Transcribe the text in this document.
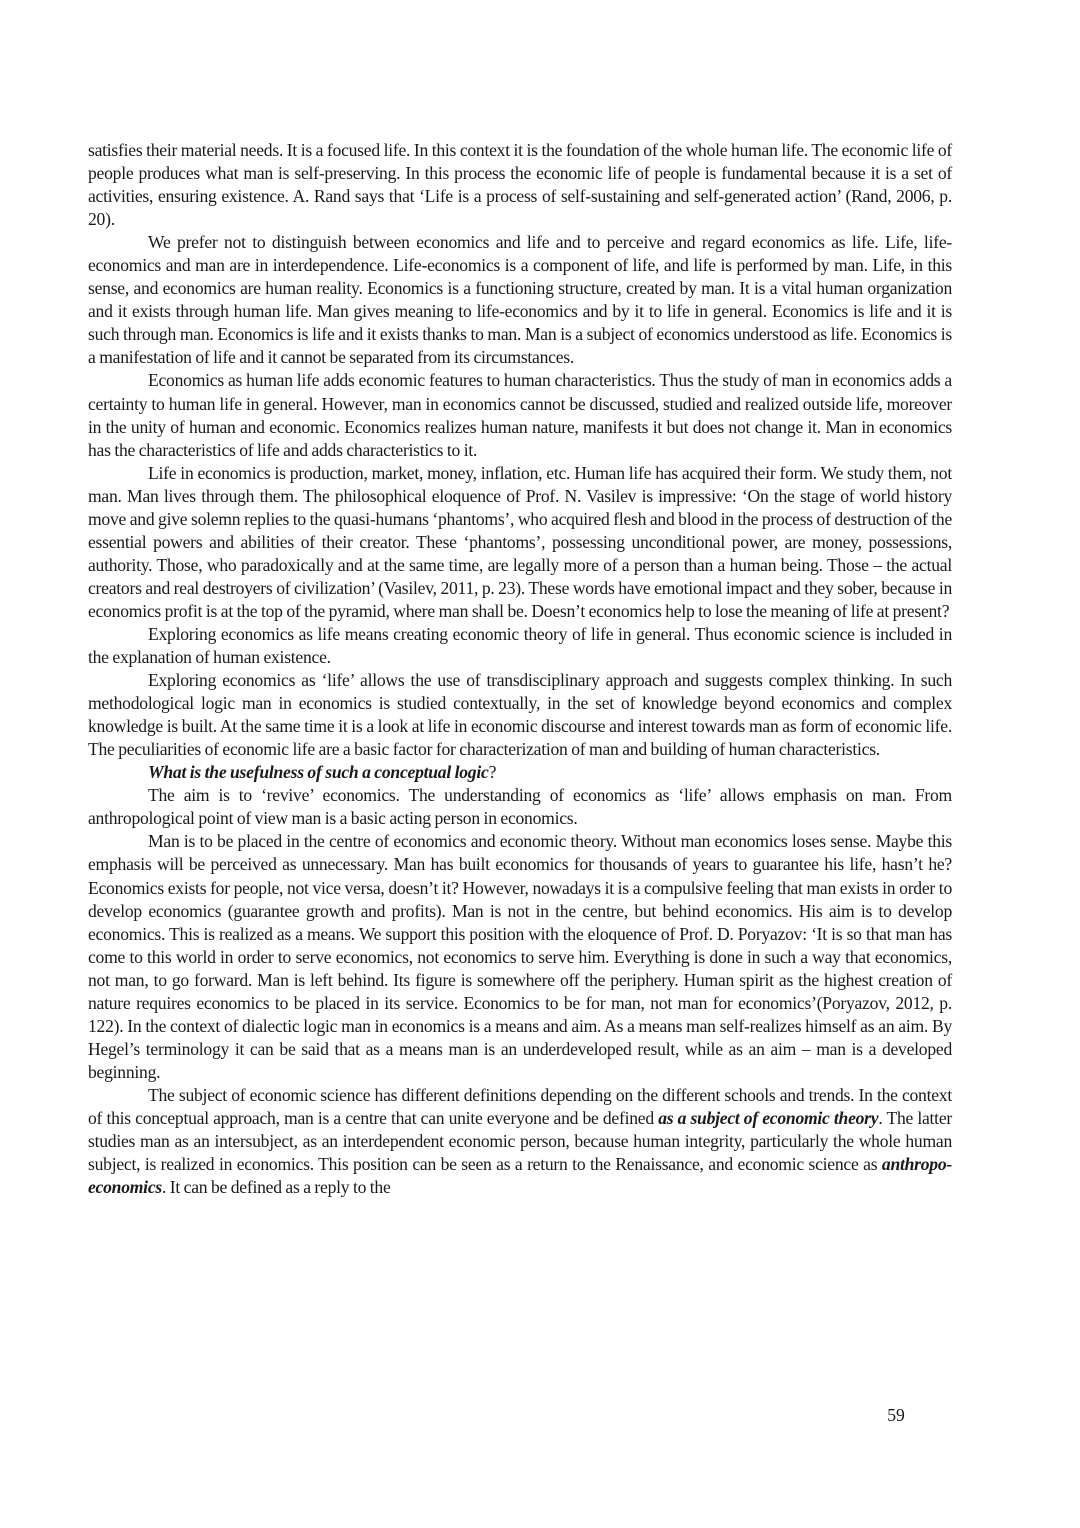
satisfies their material needs. It is a focused life. In this context it is the foundation of the whole human life. The economic life of people produces what man is self-preserving. In this process the economic life of people is fundamental because it is a set of activities, ensuring existence. A. Rand says that ‘Life is a process of self-sustaining and self-generated action’ (Rand, 2006, p. 20).

We prefer not to distinguish between economics and life and to perceive and regard economics as life. Life, life-economics and man are in interdependence. Life-economics is a component of life, and life is performed by man. Life, in this sense, and economics are human reality. Economics is a functioning structure, created by man. It is a vital human organization and it exists through human life. Man gives meaning to life-economics and by it to life in general. Economics is life and it is such through man. Economics is life and it exists thanks to man. Man is a subject of economics understood as life. Economics is a manifestation of life and it cannot be separated from its circumstances.

Economics as human life adds economic features to human characteristics. Thus the study of man in economics adds a certainty to human life in general. However, man in economics cannot be discussed, studied and realized outside life, moreover in the unity of human and economic. Economics realizes human nature, manifests it but does not change it. Man in economics has the characteristics of life and adds characteristics to it.

Life in economics is production, market, money, inflation, etc. Human life has acquired their form. We study them, not man. Man lives through them. The philosophical eloquence of Prof. N. Vasilev is impressive: ‘On the stage of world history move and give solemn replies to the quasi-humans ‘phantoms’, who acquired flesh and blood in the process of destruction of the essential powers and abilities of their creator. These ‘phantoms’, possessing unconditional power, are money, possessions, authority. Those, who paradoxically and at the same time, are legally more of a person than a human being. Those – the actual creators and real destroyers of civilization’ (Vasilev, 2011, p. 23). These words have emotional impact and they sober, because in economics profit is at the top of the pyramid, where man shall be. Doesn’t economics help to lose the meaning of life at present?

Exploring economics as life means creating economic theory of life in general. Thus economic science is included in the explanation of human existence.

Exploring economics as ‘life’ allows the use of transdisciplinary approach and suggests complex thinking. In such methodological logic man in economics is studied contextually, in the set of knowledge beyond economics and complex knowledge is built. At the same time it is a look at life in economic discourse and interest towards man as form of economic life. The peculiarities of economic life are a basic factor for characterization of man and building of human characteristics.

What is the usefulness of such a conceptual logic?

The aim is to ‘revive’ economics. The understanding of economics as ‘life’ allows emphasis on man. From anthropological point of view man is a basic acting person in economics.

Man is to be placed in the centre of economics and economic theory. Without man economics loses sense. Maybe this emphasis will be perceived as unnecessary. Man has built economics for thousands of years to guarantee his life, hasn’t he? Economics exists for people, not vice versa, doesn’t it? However, nowadays it is a compulsive feeling that man exists in order to develop economics (guarantee growth and profits). Man is not in the centre, but behind economics. His aim is to develop economics. This is realized as a means. We support this position with the eloquence of Prof. D. Poryazov: ‘It is so that man has come to this world in order to serve economics, not economics to serve him. Everything is done in such a way that economics, not man, to go forward. Man is left behind. Its figure is somewhere off the periphery. Human spirit as the highest creation of nature requires economics to be placed in its service. Economics to be for man, not man for economics’(Poryazov, 2012, p. 122). In the context of dialectic logic man in economics is a means and aim. As a means man self-realizes himself as an aim. By Hegel’s terminology it can be said that as a means man is an underdeveloped result, while as an aim – man is a developed beginning.

The subject of economic science has different definitions depending on the different schools and trends. In the context of this conceptual approach, man is a centre that can unite everyone and be defined as a subject of economic theory. The latter studies man as an intersubject, as an interdependent economic person, because human integrity, particularly the whole human subject, is realized in economics. This position can be seen as a return to the Renaissance, and economic science as anthropo-economics. It can be defined as a reply to the

59
